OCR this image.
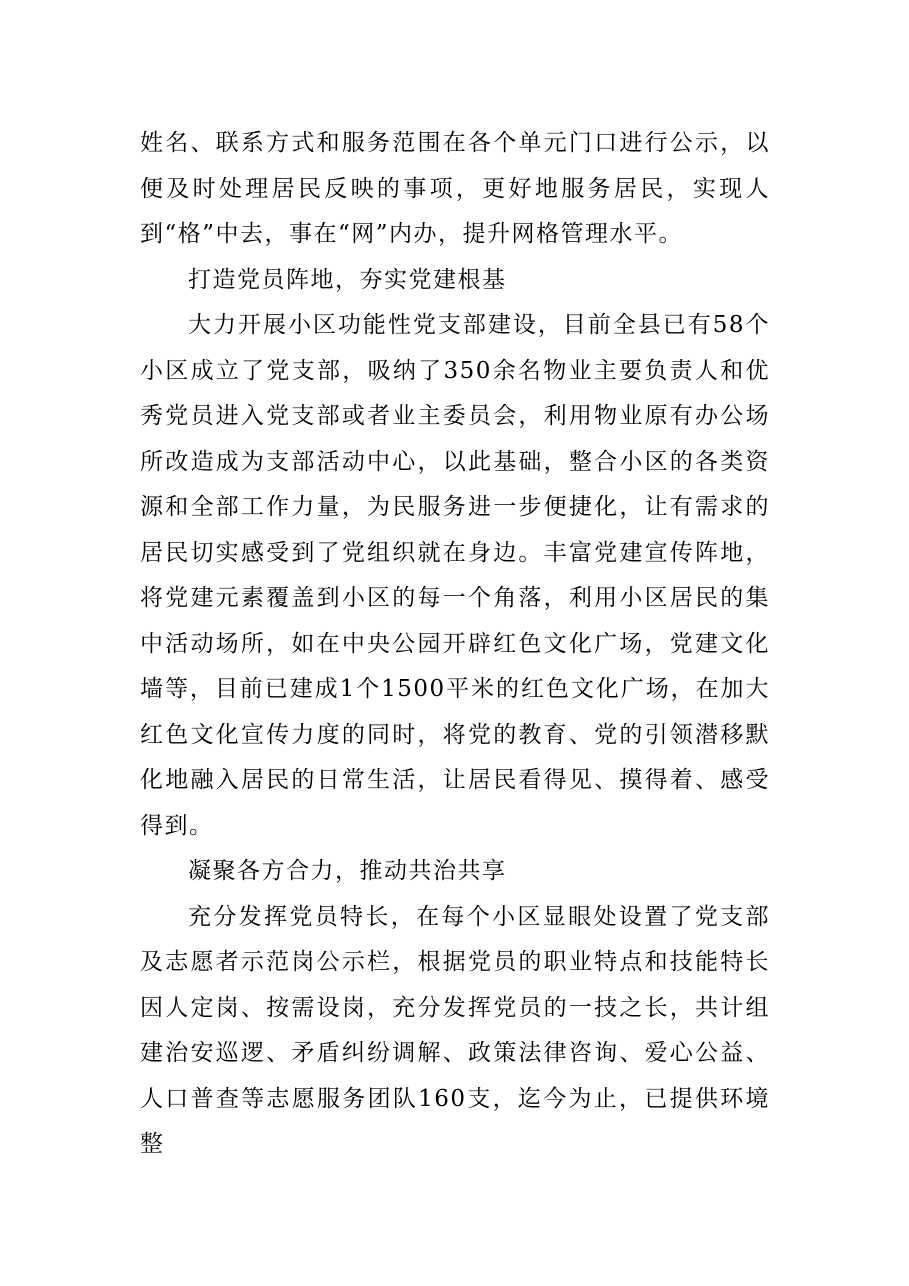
姓名、联系方式和服务范围在各个单元门口进行公示，以便及时处理居民反映的事项，更好地服务居民，实现人到“格”中去，事在“网”内办，提升网格管理水平。

打造党员阵地，夯实党建根基

大力开展小区功能性党支部建设，目前全县已有58个小区成立了党支部，吸纳了350余名物业主要负责人和优秀党员进入党支部或者业主委员会，利用物业原有办公场所改造成为支部活动中心，以此基础，整合小区的各类资源和全部工作力量，为民服务进一步便捷化，让有需求的居民切实感受到了党组织就在身边。丰富党建宣传阵地，将党建元素覆盖到小区的每一个角落，利用小区居民的集中活动场所，如在中央公园开辟红色文化广场，党建文化墙等，目前已建成1个1500平米的红色文化广场，在加大红色文化宣传力度的同时，将党的教育、党的引领潜移默化地融入居民的日常生活，让居民看得见、摸得着、感受得到。

凝聚各方合力，推动共治共享

充分发挥党员特长，在每个小区显眼处设置了党支部及志愿者示范岗公示栏，根据党员的职业特点和技能特长因人定岗、按需设岗，充分发挥党员的一技之长，共计组建治安巡逻、矛盾纠纷调解、政策法律咨询、爱心公益、人口普查等志愿服务团队160支，迄今为止，已提供环境整
